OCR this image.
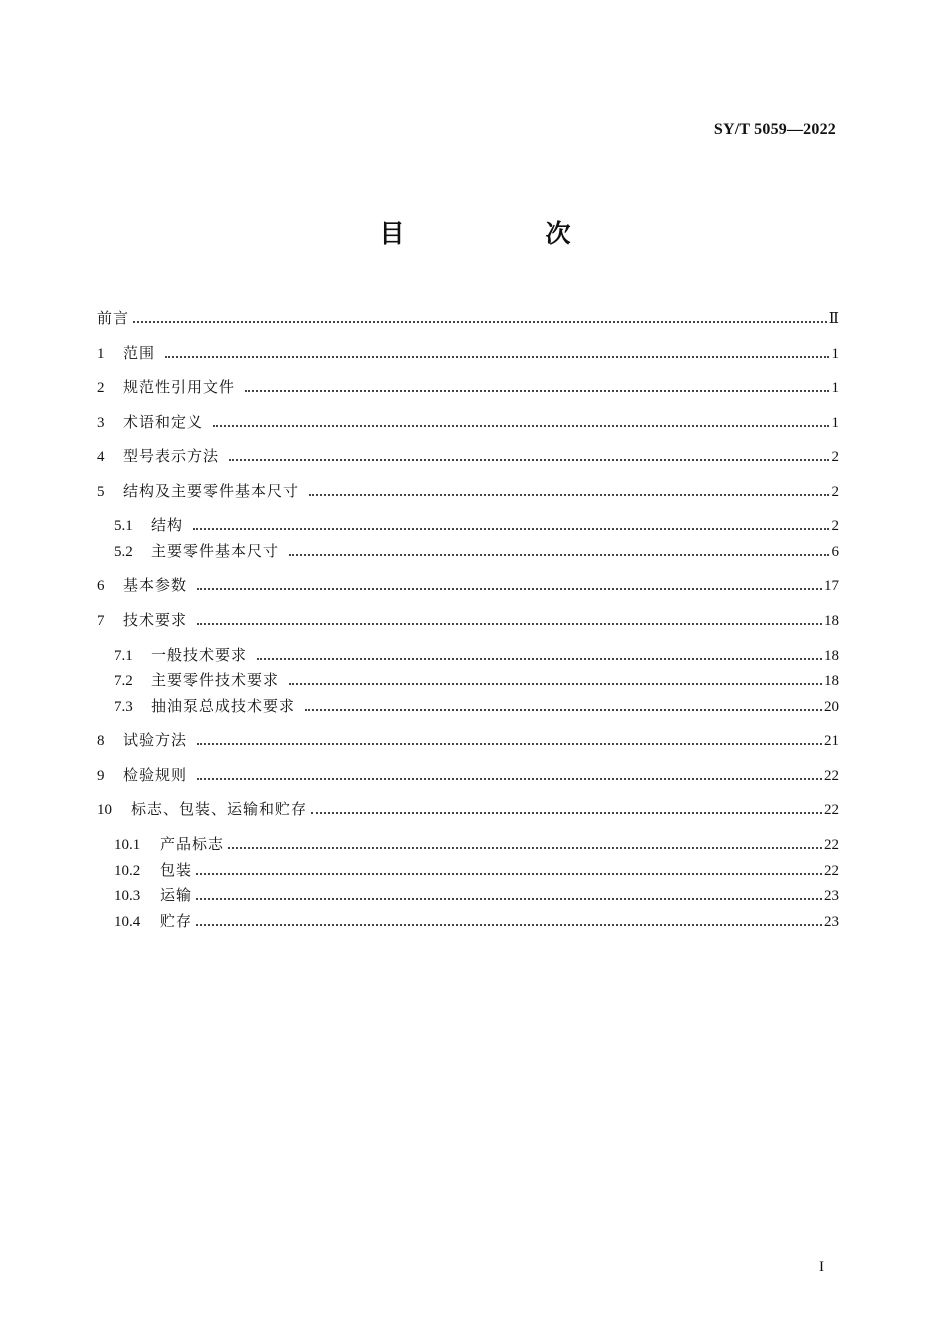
SY/T 5059—2022
目　次
前言	Ⅱ
1	范围	1
2	规范性引用文件	1
3	术语和定义	1
4	型号表示方法	2
5	结构及主要零件基本尺寸	2
5.1	结构	2
5.2	主要零件基本尺寸	6
6	基本参数	17
7	技术要求	18
7.1	一般技术要求	18
7.2	主要零件技术要求	18
7.3	抽油泵总成技术要求	20
8	试验方法	21
9	检验规则	22
10	标志、包装、运输和贮存	22
10.1	产品标志	22
10.2	包装	22
10.3	运输	23
10.4	贮存	23
I
